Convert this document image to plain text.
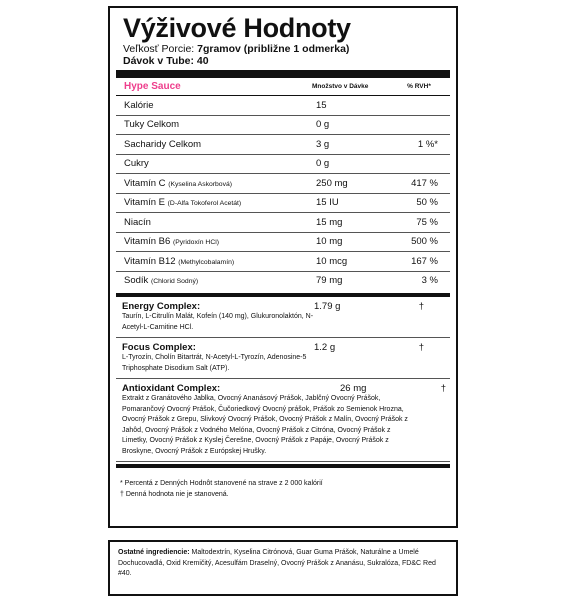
Výživové Hodnoty
Veľkosť Porcie: 7gramov (približne 1 odmerka)
Dávok v Tube: 40
Hype Sauce	Množstvo v Dávke	% RVH*
Kalórie	15
Tuky Celkom	0 g
Sacharidy Celkom	3 g	1 %*
Cukry	0 g
Vitamín C (Kyselina Askorbová)	250 mg	417 %
Vitamín E (D-Alfa Tokoferol Acetát)	15 IU	50 %
Niacín	15 mg	75 %
Vitamín B6 (Pyridoxín HCl)	10 mg	500 %
Vitamín B12 (Methylcobalamín)	10 mcg	167 %
Sodík (Chlorid Sodný)	79 mg	3 %
Energy Complex:
Taurín, L-Citrulín Malát, Kofeín (140 mg), Glukuronolaktón, N-Acetyl-L-Carnitine HCl.
1.79 g	†
Focus Complex:
L-Tyrozín, Cholín Bitartrát, N-Acetyl-L-Tyrozín, Adenosine-5 Triphosphate Disodium Salt (ATP).
1.2 g	†
Antioxidant Complex:
Extrakt z Granátového Jablka, Ovocný Ananásový Prášok, Jablčný Ovocný Prášok, Pomarančový Ovocný Prášok, Čučoriedkový Ovocný prášok, Prášok zo Semienok Hrozna, Ovocný Prášok z Grepu, Slivkový Ovocný Prášok, Ovocný Prášok z Malín, Ovocný Prášok z Jahôd, Ovocný Prášok z Vodného Melóna, Ovocný Prášok z Citróna, Ovocný Prášok z Limetky, Ovocný Prášok z Kyslej Čerešne, Ovocný Prášok z Papáje, Ovocný Prášok z Broskyne, Ovocný Prášok z Európskej Hrušky.
26 mg	†
* Percentá z Denných Hodnôt stanovené na strave z 2 000 kalórií
† Denná hodnota nie je stanovená.
Ostatné ingrediencie: Maltodextrín, Kyselina Citrónová, Guar Guma Prášok, Naturálne a Umelé Dochucovadlá, Oxid Kremičitý, Acesulfám Draselný, Ovocný Prášok z Ananásu, Sukralóza, FD&C Red #40.
